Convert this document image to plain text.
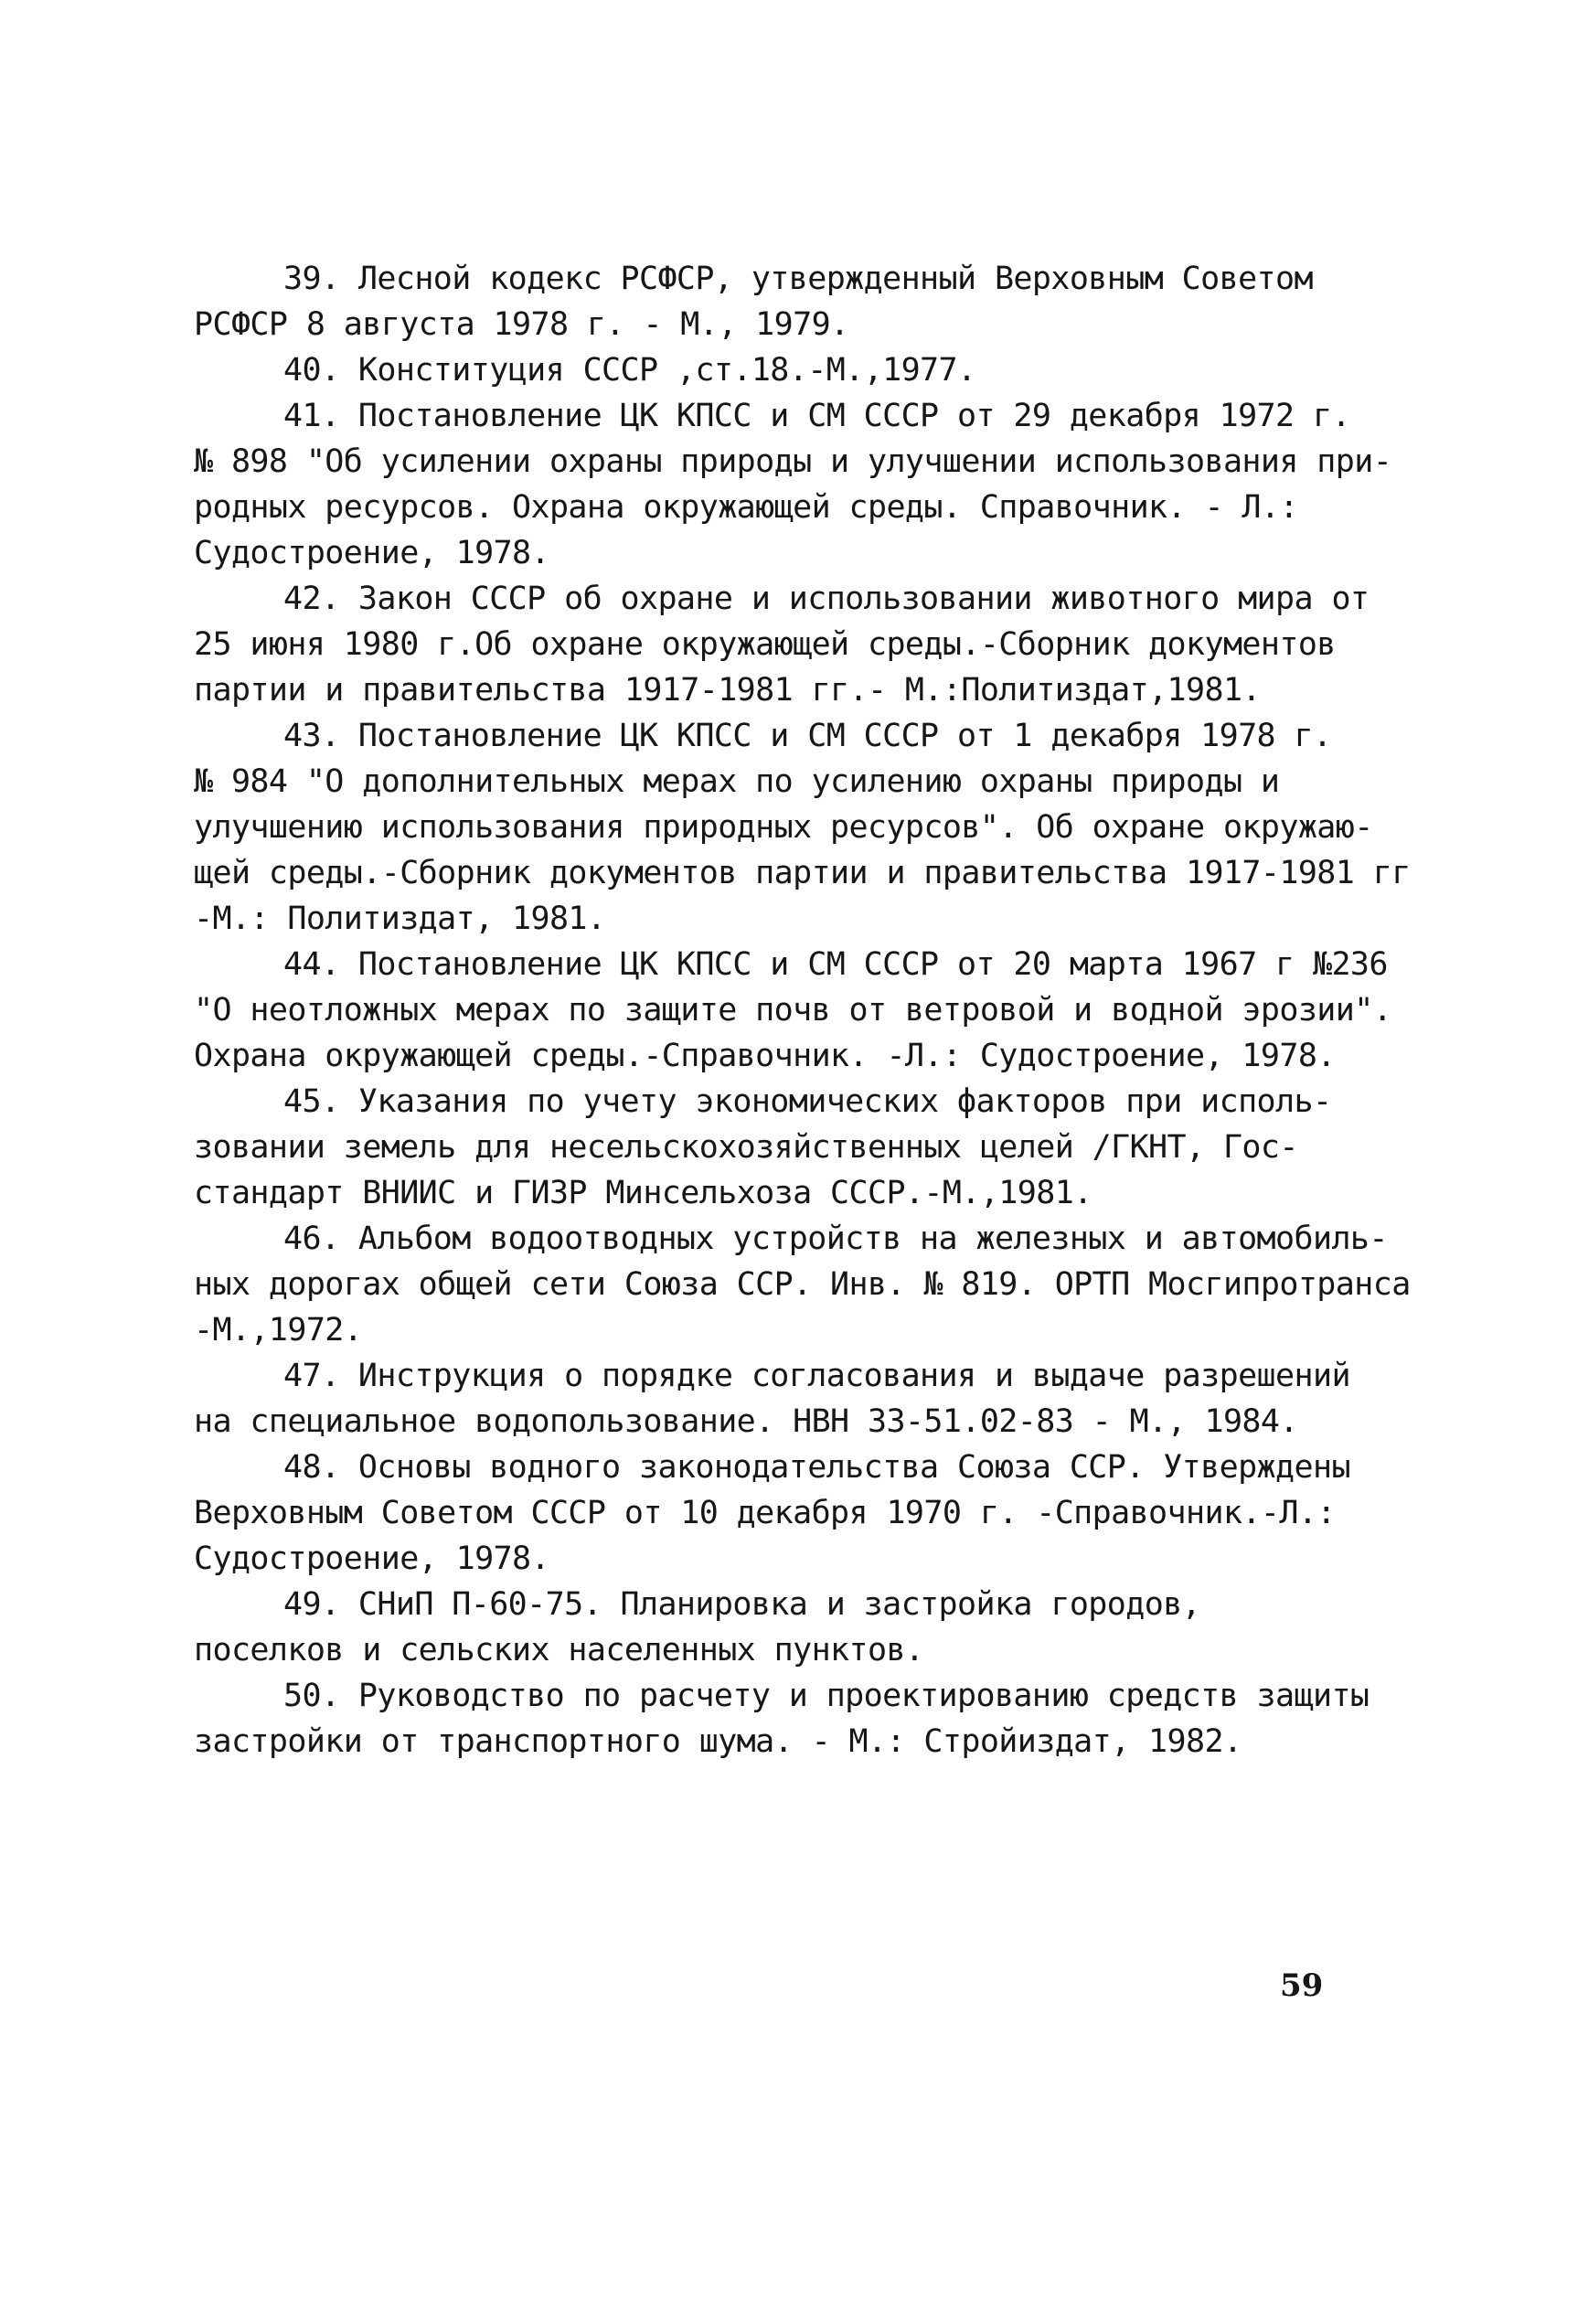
39. Лесной кодекс РСФСР, утвержденный Верховным Советом
РСФСР 8 августа 1978 г. - М., 1979.
40. Конституция СССР ,ст.18.-М.,1977.
41. Постановление ЦК КПСС и СМ СССР от 29 декабря 1972 г.
№ 898 "Об усилении охраны природы и улучшении использования при-
родных ресурсов. Охрана окружающей среды. Справочник. - Л.:
Судостроение, 1978.
42. Закон СССР об охране и использовании животного мира от
25 июня 1980 г.Об охране окружающей среды.-Сборник документов
партии и правительства 1917-1981 гг.- М.:Политиздат,1981.
43. Постановление ЦК КПСС и СМ СССР от 1 декабря 1978 г.
№ 984 "О дополнительных мерах по усилению охраны природы и
улучшению использования природных ресурсов". Об охране окружаю-
щей среды.-Сборник документов партии и правительства 1917-1981 гг
-М.: Политиздат, 1981.
44. Постановление ЦК КПСС и СМ СССР от 20 марта 1967 г №236
"О неотложных мерах по защите почв от ветровой и водной эрозии".
Охрана окружающей среды.-Справочник. -Л.: Судостроение, 1978.
45. Указания по учету экономических факторов при исполь-
зовании земель для несельскохозяйственных целей /ГКНТ, Гос-
стандарт ВНИИС и ГИЗР Минсельхоза СССР.-М.,1981.
46. Альбом водоотводных устройств на железных и автомобиль-
ных дорогах общей сети Союза ССР. Инв. № 819. ОРТП Мосгипротранса
-М.,1972.
47. Инструкция о порядке согласования и выдаче разрешений
на специальное водопользование. НВН 33-51.02-83 - М., 1984.
48. Основы водного законодательства Союза ССР. Утверждены
Верховным Советом СССР от 10 декабря 1970 г. -Справочник.-Л.:
Судостроение, 1978.
49. СНиП П-60-75. Планировка и застройка городов,
поселков и сельских населенных пунктов.
50. Руководство по расчету и проектированию средств защиты
застройки от транспортного шума. - М.: Стройиздат, 1982.
59
